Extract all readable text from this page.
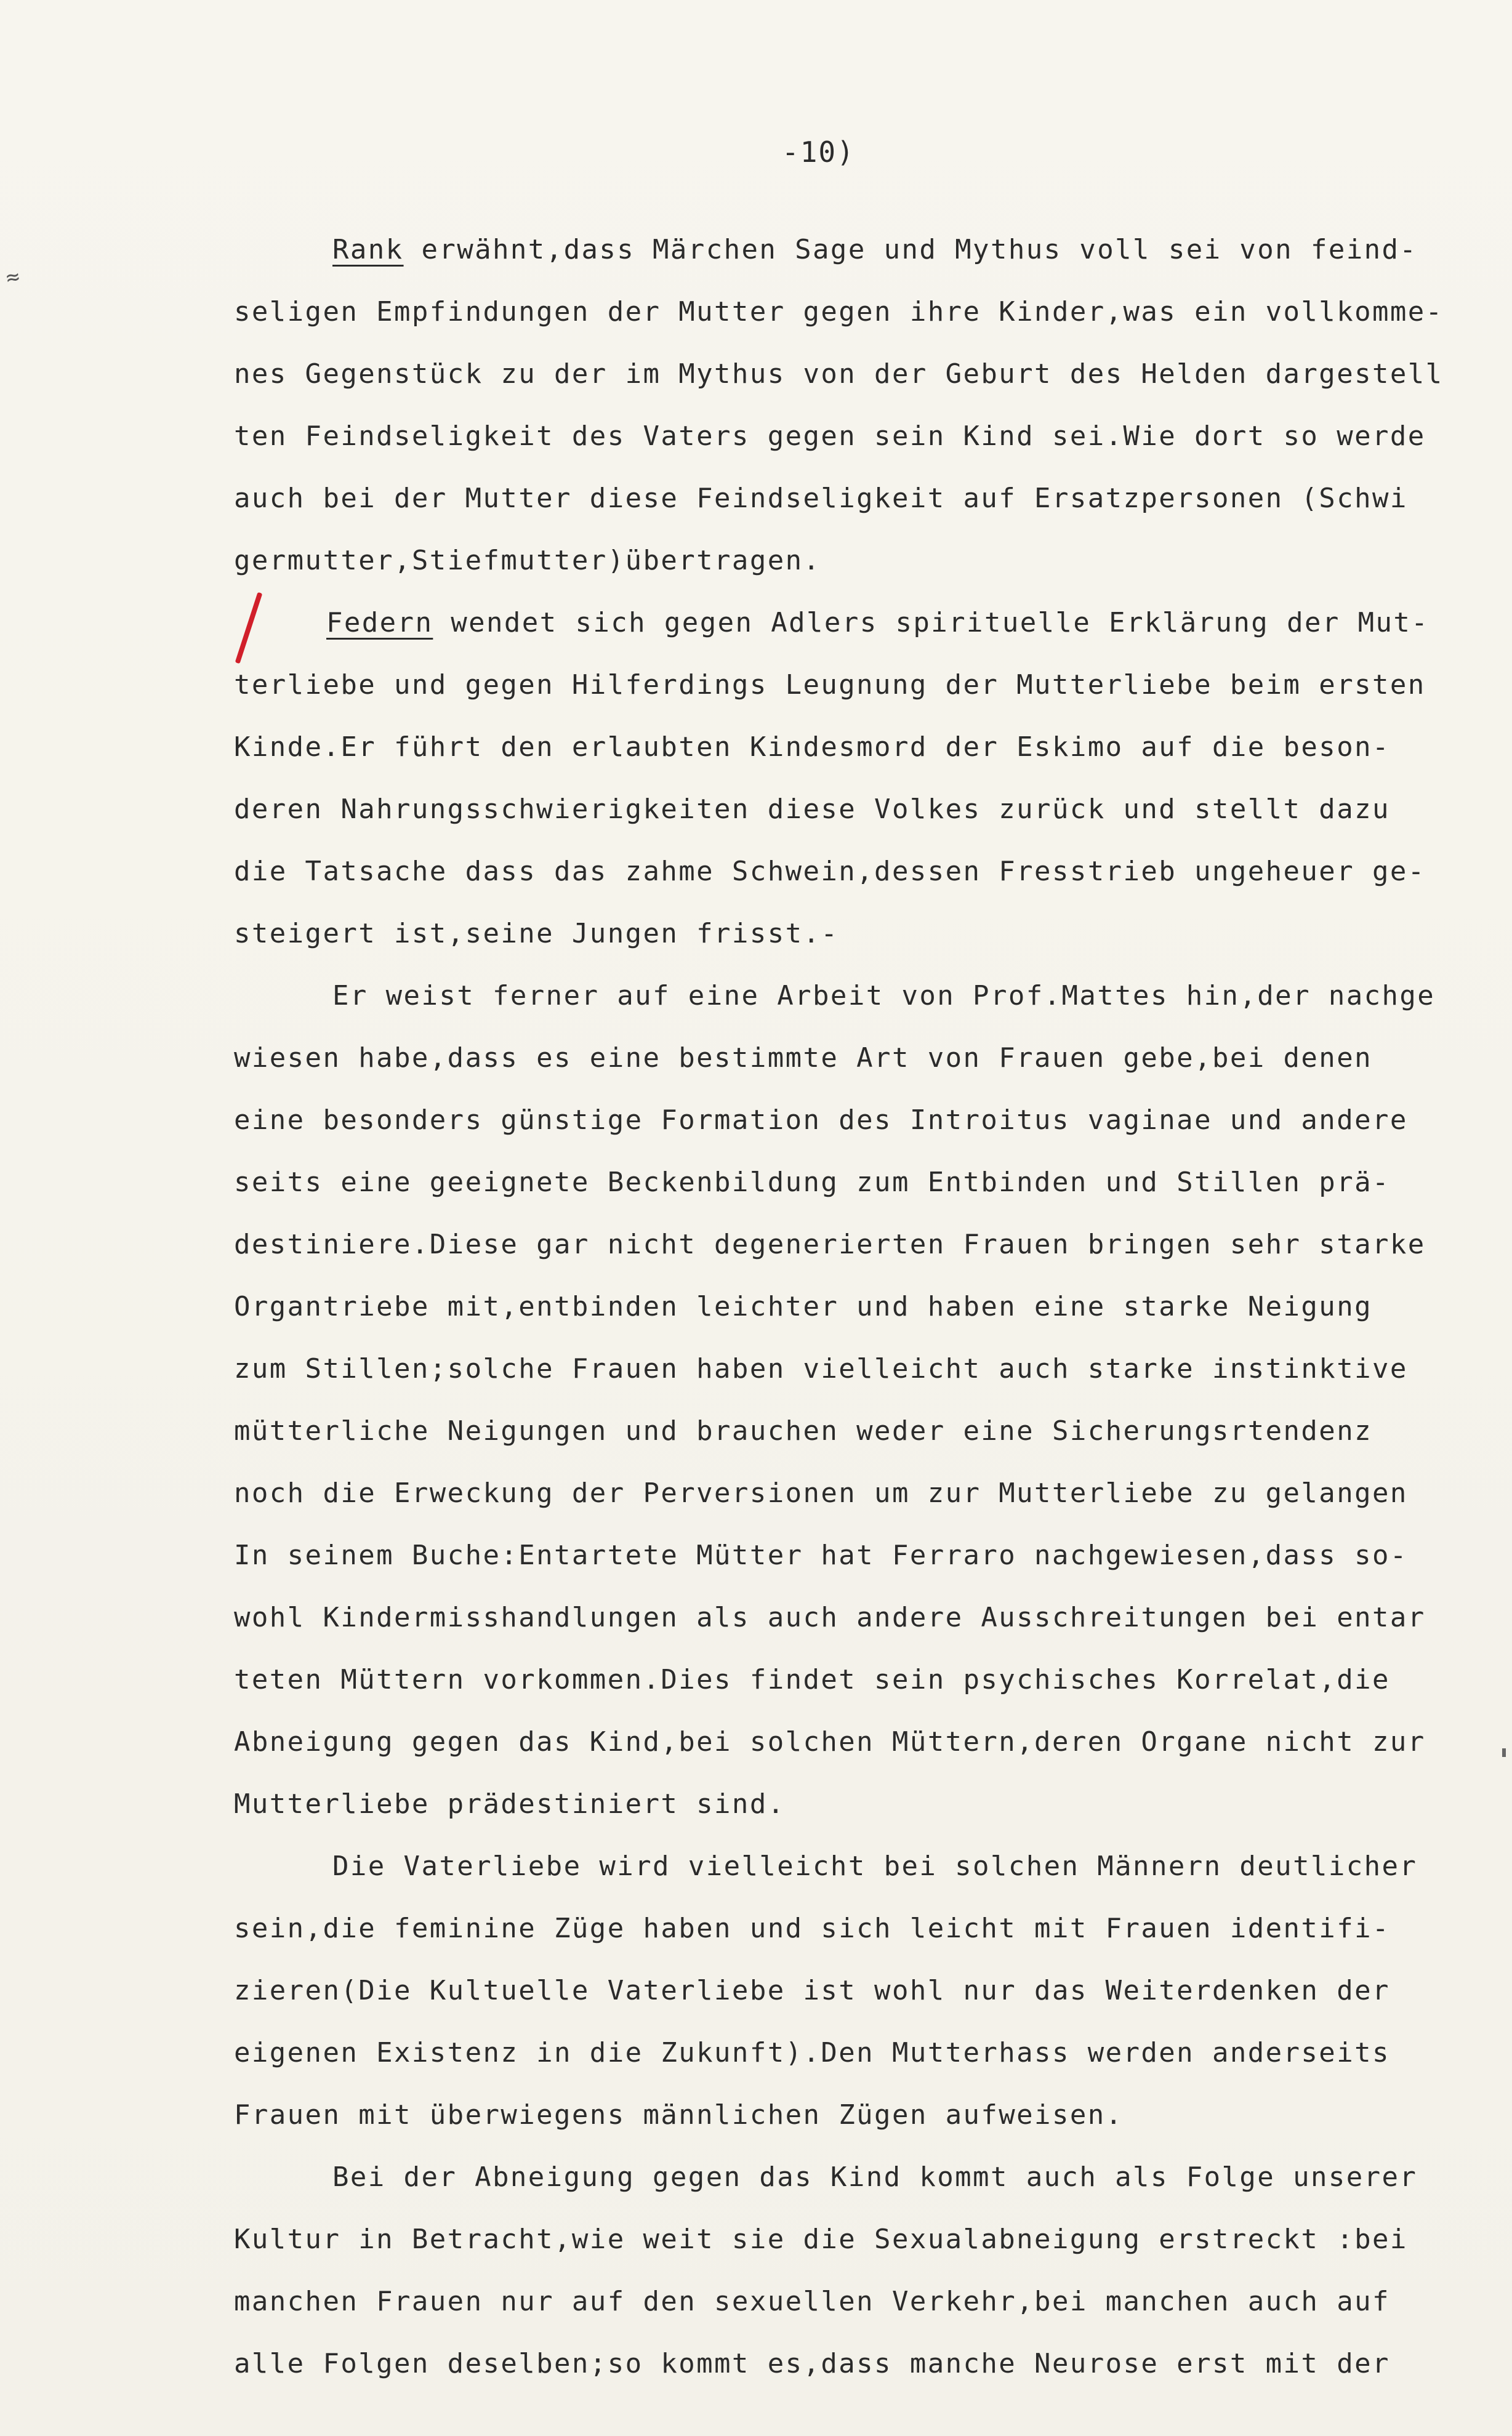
≈
-10)
Rank erwähnt,dass Märchen Sage und Mythus voll sei von feind-
seligen Empfindungen der Mutter gegen ihre Kinder,was ein vollkomme-
nes Gegenstück zu der im Mythus von der Geburt des Helden dargestell
ten Feindseligkeit des Vaters gegen sein Kind sei.Wie dort so werde
auch bei der Mutter diese Feindseligkeit auf Ersatzpersonen (Schwi
germutter,Stiefmutter)übertragen.
Federn wendet sich gegen Adlers spirituelle Erklärung der Mut-
terliebe und gegen Hilferdings Leugnung der Mutterliebe beim ersten
Kinde.Er führt den erlaubten Kindesmord der Eskimo auf die beson-
deren Nahrungsschwierigkeiten diese Volkes zurück und stellt dazu
die Tatsache dass das zahme Schwein,dessen Fresstrieb ungeheuer ge-
steigert ist,seine Jungen frisst.-
Er weist ferner auf eine Arbeit von Prof.Mattes hin,der nachge
wiesen habe,dass es eine bestimmte Art von Frauen gebe,bei denen
eine besonders günstige Formation des Introitus vaginae und andere
seits eine geeignete Beckenbildung zum Entbinden und Stillen prä-
destiniere.Diese gar nicht degenerierten Frauen bringen sehr starke
Organtriebe mit,entbinden leichter und haben eine starke Neigung
zum Stillen;solche Frauen haben vielleicht auch starke instinktive
mütterliche Neigungen und brauchen weder eine Sicherungsrtendenz
noch die Erweckung der Perversionen um zur Mutterliebe zu gelangen
In seinem Buche:Entartete Mütter hat Ferraro nachgewiesen,dass so-
wohl Kindermisshandlungen als auch andere Ausschreitungen bei entar
teten Müttern vorkommen.Dies findet sein psychisches Korrelat,die
Abneigung gegen das Kind,bei solchen Müttern,deren Organe nicht zur
Mutterliebe prädestiniert sind.
Die Vaterliebe wird vielleicht bei solchen Männern deutlicher
sein,die feminine Züge haben und sich leicht mit Frauen identifi-
zieren(Die Kultuelle Vaterliebe ist wohl nur das Weiterdenken der
eigenen Existenz in die Zukunft).Den Mutterhass werden anderseits
Frauen mit überwiegens männlichen Zügen aufweisen.
Bei der Abneigung gegen das Kind kommt auch als Folge unserer
Kultur in Betracht,wie weit sie die Sexualabneigung erstreckt :bei
manchen Frauen nur auf den sexuellen Verkehr,bei manchen auch auf
alle Folgen deselben;so kommt es,dass manche Neurose erst mit der
